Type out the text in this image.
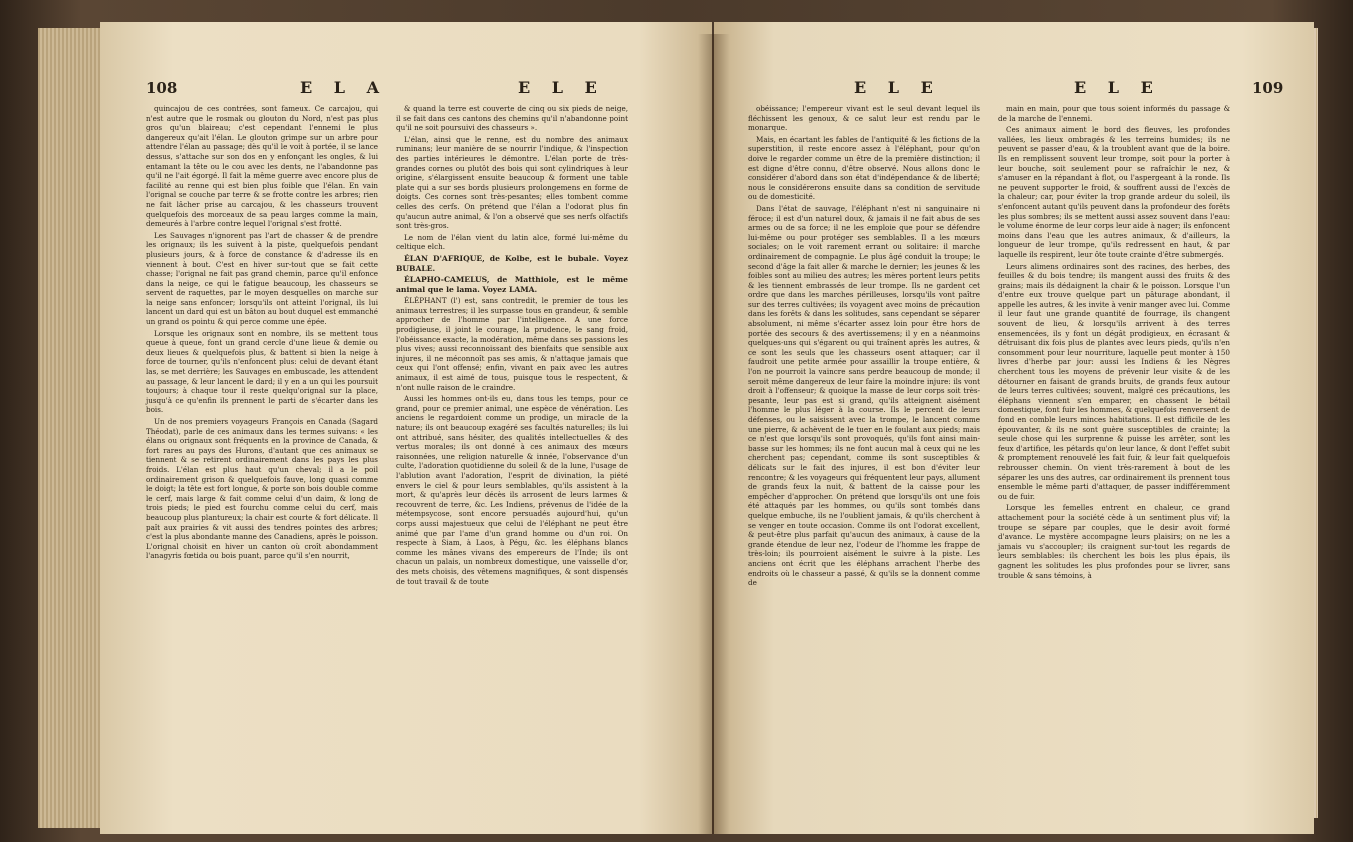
108	E L A	E L E

quincajou de ces contrées, sont fameux. Ce carcajou, qui n'est autre que le rosmak ou glouton du Nord, n'est pas plus gros qu'un blaireau; c'est cependant l'ennemi le plus dangereux qu'ait l'élan. Le glouton grimpe sur un arbre pour attendre l'élan au passage; dès qu'il le voit à portée, il se lance dessus, s'attache sur son dos en y enfonçant les ongles, & lui entamant la tête ou le cou avec les dents, ne l'abandonne pas qu'il ne l'ait égorgé. Il fait la même guerre avec encore plus de facilité au renne qui est bien plus foible que l'élan. En vain l'orignal se couche par terre & se frotte contre les arbres; rien ne fait lâcher prise au carcajou, & les chasseurs trouvent quelquefois des morceaux de sa peau larges comme la main, demeurés à l'arbre contre lequel l'orignal s'est frotté.

Les Sauvages n'ignorent pas l'art de chasser & de prendre les orignaux; ils les suivent à la piste, quelquefois pendant plusieurs jours, & à force de constance & d'adresse ils en viennent à bout. C'est en hiver sur-tout que se fait cette chasse; l'orignal ne fait pas grand chemin, parce qu'il enfonce dans la neige, ce qui le fatigue beaucoup, les chasseurs se servent de raquettes, par le moyen desquelles on marche sur la neige sans enfoncer; lorsqu'ils ont atteint l'orignal, ils lui lancent un dard qui est un bâton au bout duquel est emmanché un grand os pointu & qui perce comme une épée.

Lorsque les orignaux sont en nombre, ils se mettent tous queue à queue, font un grand cercle d'une lieue & demie ou deux lieues & quelquefois plus, & battent si bien la neige à force de tourner, qu'ils n'enfoncent plus: celui de devant étant las, se met derrière; les Sauvages en embuscade, les attendent au passage, & leur lancent le dard; il y en a un qui les poursuit toujours; à chaque tour il reste quelqu'orignal sur la place, jusqu'à ce qu'enfin ils prennent le parti de s'écarter dans les bois.

Un de nos premiers voyageurs François en Canada (Sagard Théodat), parle de ces animaux dans les termes suivans: « les élans ou orignaux sont fréquents en la province de Canada, & fort rares au pays des Hurons, d'autant que ces animaux se tiennent & se retirent ordinairement dans les pays les plus froids. L'élan est plus haut qu'un cheval; il a le poil ordinairement grison & quelquefois fauve, long quasi comme le doigt; la tête est fort longue, & porte son bois double comme le cerf, mais large & fait comme celui d'un daim, & long de trois pieds; le pied est fourchu comme celui du cerf, mais beaucoup plus plantureux; la chair est courte & fort délicate. Il paît aux prairies & vit aussi des tendres pointes des arbres; c'est la plus abondante manne des Canadiens, après le poisson. L'orignal choisit en hiver un canton où croît abondamment l'anagyris fœtida ou bois puant, parce qu'il s'en nourrit,

& quand la terre est couverte de cinq ou six pieds de neige, il se fait dans ces cantons des chemins qu'il n'abandonne point qu'il ne soit poursuivi des chasseurs ».

L'élan, ainsi que le renne, est du nombre des animaux ruminans; leur manière de se nourrir l'indique, & l'inspection des parties intérieures le démontre. L'élan porte de très-grandes cornes ou plutôt des bois qui sont cylindriques à leur origine, s'élargissent ensuite beaucoup & forment une table plate qui a sur ses bords plusieurs prolongemens en forme de doigts. Ces cornes sont très-pesantes; elles tombent comme celles des cerfs. On prétend que l'élan a l'odorat plus fin qu'aucun autre animal, & l'on a observé que ses nerfs olfactifs sont très-gros.

Le nom de l'élan vient du latin alce, formé lui-même du celtique elch.

ÉLAN D'AFRIQUE, de Kolbe, est le bubale. Voyez BUBALE.

ÉLAPHO-CAMELUS, de Matthiole, est le même animal que le lama. Voyez LAMA.

ÉLÉPHANT (l') est, sans contredit, le premier de tous les animaux terrestres; il les surpasse tous en grandeur, & semble approcher de l'homme par l'intelligence. A une force prodigieuse, il joint le courage, la prudence, le sang froid, l'obéissance exacte, la modération, même dans ses passions les plus vives; aussi reconnoissant des bienfaits que sensible aux injures, il ne méconnoît pas ses amis, & n'attaque jamais que ceux qui l'ont offensé; enfin, vivant en paix avec les autres animaux, il est aimé de tous, puisque tous le respectent, & n'ont nulle raison de le craindre.

Aussi les hommes ont-ils eu, dans tous les temps, pour ce grand, pour ce premier animal, une espèce de vénération. Les anciens le regardoient comme un prodige, un miracle de la nature; ils ont beaucoup exagéré ses facultés naturelles; ils lui ont attribué, sans hésiter, des qualités intellectuelles & des vertus morales; ils ont donné à ces animaux des mœurs raisonnées, une religion naturelle & innée, l'observance d'un culte, l'adoration quotidienne du soleil & de la lune, l'usage de l'ablution avant l'adoration, l'esprit de divination, la piété envers le ciel & pour leurs semblables, qu'ils assistent à la mort, & qu'après leur décès ils arrosent de leurs larmes & recouvrent de terre, &c. Les Indiens, prévenus de l'idée de la métempsycose, sont encore persuadés aujourd'hui, qu'un corps aussi majestueux que celui de l'éléphant ne peut être animé que par l'ame d'un grand homme ou d'un roi. On respecte à Siam, à Laos, à Pégu, &c. les éléphans blancs comme les mânes vivans des empereurs de l'Inde; ils ont chacun un palais, un nombreux domestique, une vaisselle d'or, des mets choisis, des vêtemens magnifiques, & sont dispensés de tout travail & de toute

E L E	E L E	109

obéissance; l'empereur vivant est le seul devant lequel ils fléchissent les genoux, & ce salut leur est rendu par le monarque.

Mais, en écartant les fables de l'antiquité & les fictions de la superstition, il reste encore assez à l'éléphant, pour qu'on doive le regarder comme un être de la première distinction; il est digne d'être connu, d'être observé. Nous allons donc le considérer d'abord dans son état d'indépendance & de liberté; nous le considérerons ensuite dans sa condition de servitude ou de domesticité.

Dans l'état de sauvage, l'éléphant n'est ni sanguinaire ni féroce; il est d'un naturel doux, & jamais il ne fait abus de ses armes ou de sa force; il ne les emploie que pour se défendre lui-même ou pour protéger ses semblables. Il a les mœurs sociales; on le voit rarement errant ou solitaire: il marche ordinairement de compagnie. Le plus âgé conduit la troupe; le second d'âge la fait aller & marche le dernier; les jeunes & les foibles sont au milieu des autres; les mères portent leurs petits & les tiennent embrassés de leur trompe. Ils ne gardent cet ordre que dans les marches périlleuses, lorsqu'ils vont paître sur des terres cultivées; ils voyagent avec moins de précaution dans les forêts & dans les solitudes, sans cependant se séparer absolument, ni même s'écarter assez loin pour être hors de portée des secours & des avertissemens; il y en a néanmoins quelques-uns qui s'égarent ou qui traînent après les autres, & ce sont les seuls que les chasseurs osent attaquer; car il faudroit une petite armée pour assaillir la troupe entière, & l'on ne pourroit la vaincre sans perdre beaucoup de monde; il seroit même dangereux de leur faire la moindre injure: ils vont droit à l'offenseur; & quoique la masse de leur corps soit très-pesante, leur pas est si grand, qu'ils atteignent aisément l'homme le plus léger à la course. Ils le percent de leurs défenses, ou le saisissent avec la trompe, le lancent comme une pierre, & achèvent de le tuer en le foulant aux pieds; mais ce n'est que lorsqu'ils sont provoqués, qu'ils font ainsi main-basse sur les hommes; ils ne font aucun mal à ceux qui ne les cherchent pas; cependant, comme ils sont susceptibles & délicats sur le fait des injures, il est bon d'éviter leur rencontre; & les voyageurs qui fréquentent leur pays, allument de grands feux la nuit, & battent de la caisse pour les empêcher d'approcher. On prétend que lorsqu'ils ont une fois été attaqués par les hommes, ou qu'ils sont tombés dans quelque embuche, ils ne l'oublient jamais, & qu'ils cherchent à se venger en toute occasion. Comme ils ont l'odorat excellent, & peut-être plus parfait qu'aucun des animaux, à cause de la grande étendue de leur nez, l'odeur de l'homme les frappe de très-loin; ils pourroient aisément le suivre à la piste. Les anciens ont écrit que les éléphans arrachent l'herbe des endroits où le chasseur a passé, & qu'ils se la donnent comme de

main en main, pour que tous soient informés du passage & de la marche de l'ennemi.

Ces animaux aiment le bord des fleuves, les profondes vallées, les lieux ombragés & les terreins humides; ils ne peuvent se passer d'eau, & la troublent avant que de la boire. Ils en remplissent souvent leur trompe, soit pour la porter à leur bouche, soit seulement pour se rafraîchir le nez, & s'amuser en la répandant à flot, ou l'aspergeant à la ronde. Ils ne peuvent supporter le froid, & souffrent aussi de l'excès de la chaleur; car, pour éviter la trop grande ardeur du soleil, ils s'enfoncent autant qu'ils peuvent dans la profondeur des forêts les plus sombres; ils se mettent aussi assez souvent dans l'eau: le volume énorme de leur corps leur aide à nager; ils enfoncent moins dans l'eau que les autres animaux, & d'ailleurs, la longueur de leur trompe, qu'ils redressent en haut, & par laquelle ils respirent, leur ôte toute crainte d'être submergés.

Leurs alimens ordinaires sont des racines, des herbes, des feuilles & du bois tendre; ils mangent aussi des fruits & des grains; mais ils dédaignent la chair & le poisson. Lorsque l'un d'entre eux trouve quelque part un pâturage abondant, il appelle les autres, & les invite à venir manger avec lui. Comme il leur faut une grande quantité de fourrage, ils changent souvent de lieu, & lorsqu'ils arrivent à des terres ensemencées, ils y font un dégât prodigieux, en écrasant & détruisant dix fois plus de plantes avec leurs pieds, qu'ils n'en consomment pour leur nourriture, laquelle peut monter à 150 livres d'herbe par jour: aussi les Indiens & les Nègres cherchent tous les moyens de prévenir leur visite & de les détourner en faisant de grands bruits, de grands feux autour de leurs terres cultivées; souvent, malgré ces précautions, les éléphans viennent s'en emparer, en chassent le bétail domestique, font fuir les hommes, & quelquefois renversent de fond en comble leurs minces habitations. Il est difficile de les épouvanter, & ils ne sont guère susceptibles de crainte; la seule chose qui les surprenne & puisse les arrêter, sont les feux d'artifice, les pétards qu'on leur lance, & dont l'effet subit & promptement renouvelé les fait fuir, & leur fait quelquefois rebrousser chemin. On vient très-rarement à bout de les séparer les uns des autres, car ordinairement ils prennent tous ensemble le même parti d'attaquer, de passer indifféremment ou de fuir.

Lorsque les femelles entrent en chaleur, ce grand attachement pour la société cède à un sentiment plus vif; la troupe se sépare par couples, que le desir avoit formé d'avance. Le mystère accompagne leurs plaisirs; on ne les a jamais vu s'accoupler; ils craignent sur-tout les regards de leurs semblables: ils cherchent les bois les plus épais, ils gagnent les solitudes les plus profondes pour se livrer, sans trouble & sans témoins, à
